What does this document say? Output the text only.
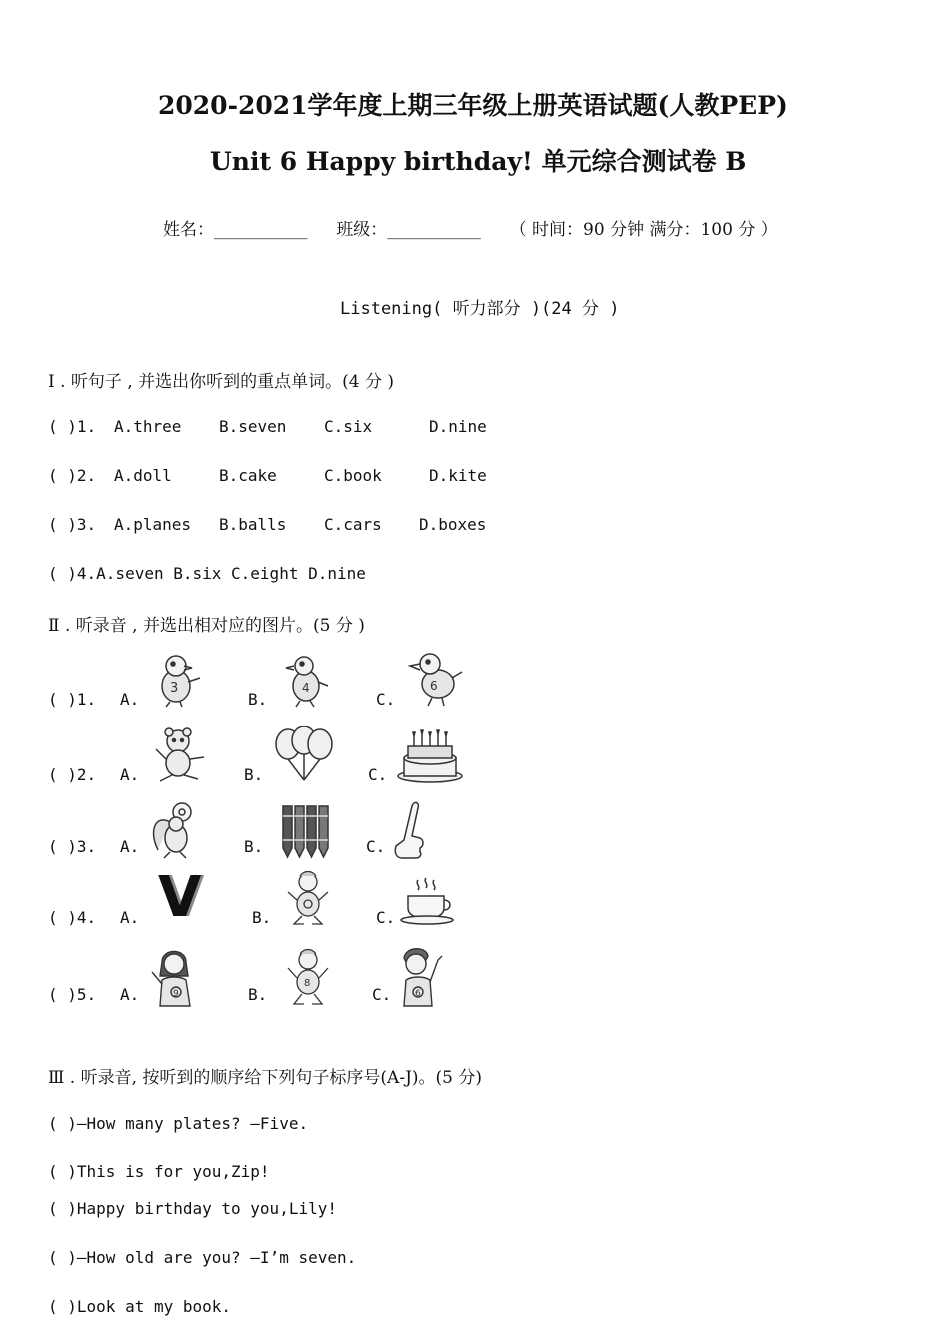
2020-2021学年度上期三年级上册英语试题(人教PEP)
Unit 6 Happy birthday! 单元综合测试卷 B
姓名：___________ 班级：___________ （ 时间：90 分钟 满分：100 分 ）
Listening( 听力部分 )(24 分 )
Ⅰ . 听句子 , 并选出你听到的重点单词。(4 分 )
( )1. A.three B.seven C.six	D.nine
( )2. A.doll	B.cake	C.book	D.kite
( )3. A.planes B.balls C.cars D.boxes
( )4.A.seven B.six C.eight D.nine
Ⅱ . 听录音 , 并选出相对应的图片。(5 分 )
( )1. A.
3
B.
4
C.
6
( )2. A.	B.	C.
( )3. A.	B.	C.
( )4. A. V	B.	C.
( )5. A.	9	B.
8
C.	6
Ⅲ . 听录音, 按听到的顺序给下列句子标序号(A-J)。(5 分)
( )—How many plates? —Five.
( )This is for you,Zip!
( )Happy birthday to you,Lily!
( )—How old are you? —I’m seven.
( )Look at my book.
